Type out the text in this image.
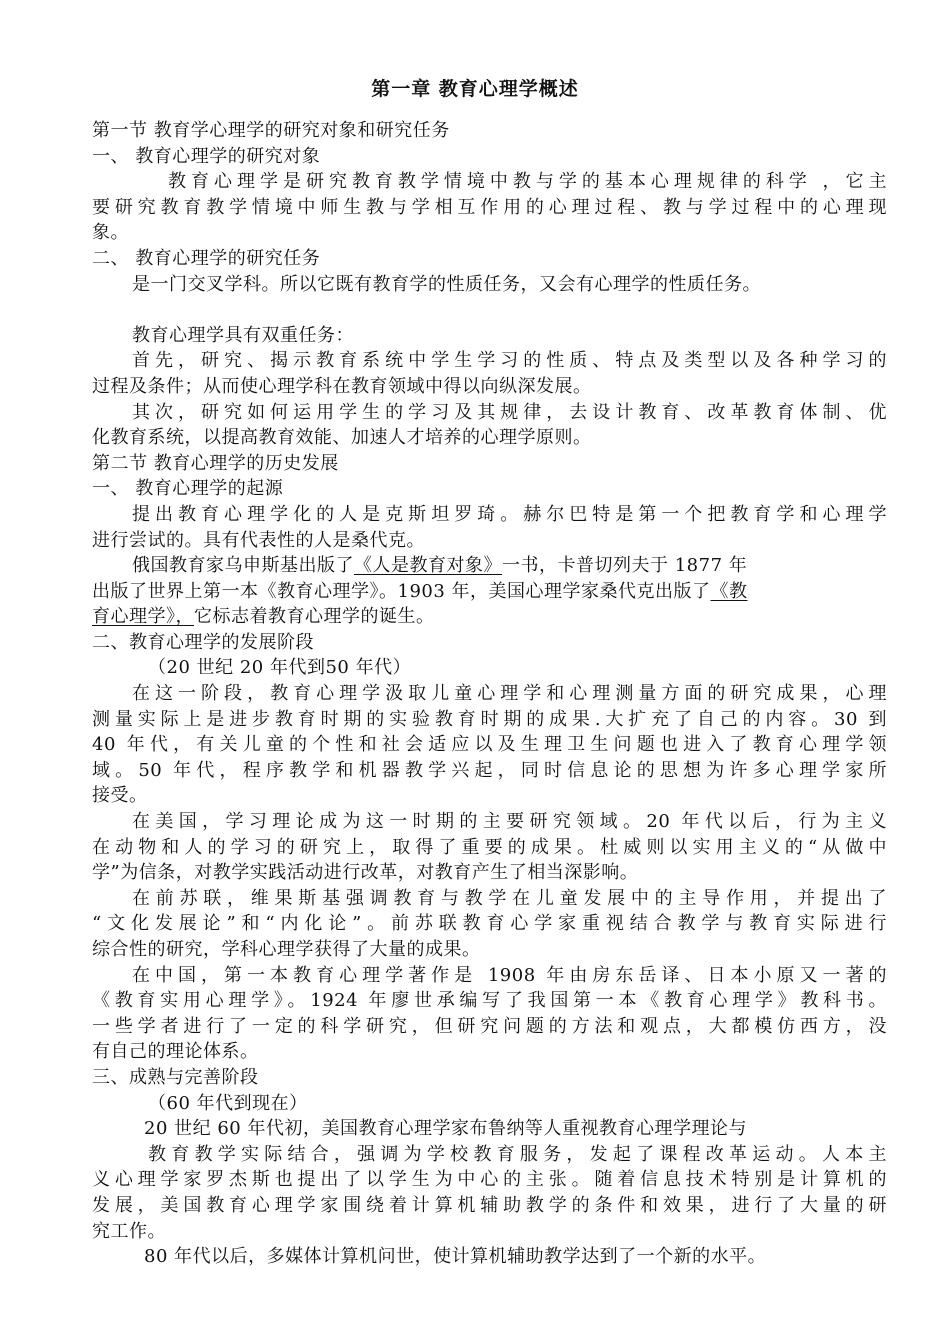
第一章 教育心理学概述
第一节 教育学心理学的研究对象和研究任务
一、 教育心理学的研究对象
教育心理学是研究教育教学情境中教与学的基本心理规律的科学 ，它主
要研究教育教学情境中师生教与学相互作用的心理过程、教与学过程中的心理现
象。
二、 教育心理学的研究任务
是一门交叉学科。所以它既有教育学的性质任务，又会有心理学的性质任务。
教育心理学具有双重任务：
首先，研究、揭示教育系统中学生学习的性质、特点及类型以及各种学习的
过程及条件；从而使心理学科在教育领域中得以向纵深发展。
其次，研究如何运用学生的学习及其规律，去设计教育、改革教育体制、优
化教育系统，以提高教育效能、加速人才培养的心理学原则。
第二节 教育心理学的历史发展
一、 教育心理学的起源
提出教育心理学化的人是克斯坦罗琦。赫尔巴特是第一个把教育学和心理学
进行尝试的。具有代表性的人是桑代克。
俄国教育家乌申斯基出版了《人是教育对象》一书，卡普切列夫于 1877 年
出版了世界上第一本《教育心理学》。1903 年，美国心理学家桑代克出版了《教
育心理学》，它标志着教育心理学的诞生。
二、教育心理学的发展阶段
（20 世纪 20 年代到50 年代）
在这一阶段，教育心理学汲取儿童心理学和心理测量方面的研究成果，心理
测量实际上是进步教育时期的实验教育时期的成果.大扩充了自己的内容。30 到
40 年代，有关儿童的个性和社会适应以及生理卫生问题也进入了教育心理学领
域。50 年代，程序教学和机器教学兴起，同时信息论的思想为许多心理学家所
接受。
在美国，学习理论成为这一时期的主要研究领域。20 年代以后，行为主义
在动物和人的学习的研究上，取得了重要的成果。杜威则以实用主义的“从做中
学”为信条，对教学实践活动进行改革，对教育产生了相当深影响。
在前苏联，维果斯基强调教育与教学在儿童发展中的主导作用，并提出了
“文化发展论”和“内化论”。前苏联教育心学家重视结合教学与教育实际进行
综合性的研究，学科心理学获得了大量的成果。
在中国，第一本教育心理学著作是 1908 年由房东岳译、日本小原又一著的
《教育实用心理学》。1924 年廖世承编写了我国第一本《教育心理学》教科书。
一些学者进行了一定的科学研究，但研究问题的方法和观点，大都模仿西方，没
有自己的理论体系。
三、成熟与完善阶段
（60 年代到现在）
20 世纪 60 年代初，美国教育心理学家布鲁纳等人重视教育心理学理论与
教育教学实际结合，强调为学校教育服务，发起了课程改革运动。人本主
义心理学家罗杰斯也提出了以学生为中心的主张。随着信息技术特别是计算机的
发展，美国教育心理学家围绕着计算机辅助教学的条件和效果，进行了大量的研
究工作。
80 年代以后，多媒体计算机问世，使计算机辅助教学达到了一个新的水平。
